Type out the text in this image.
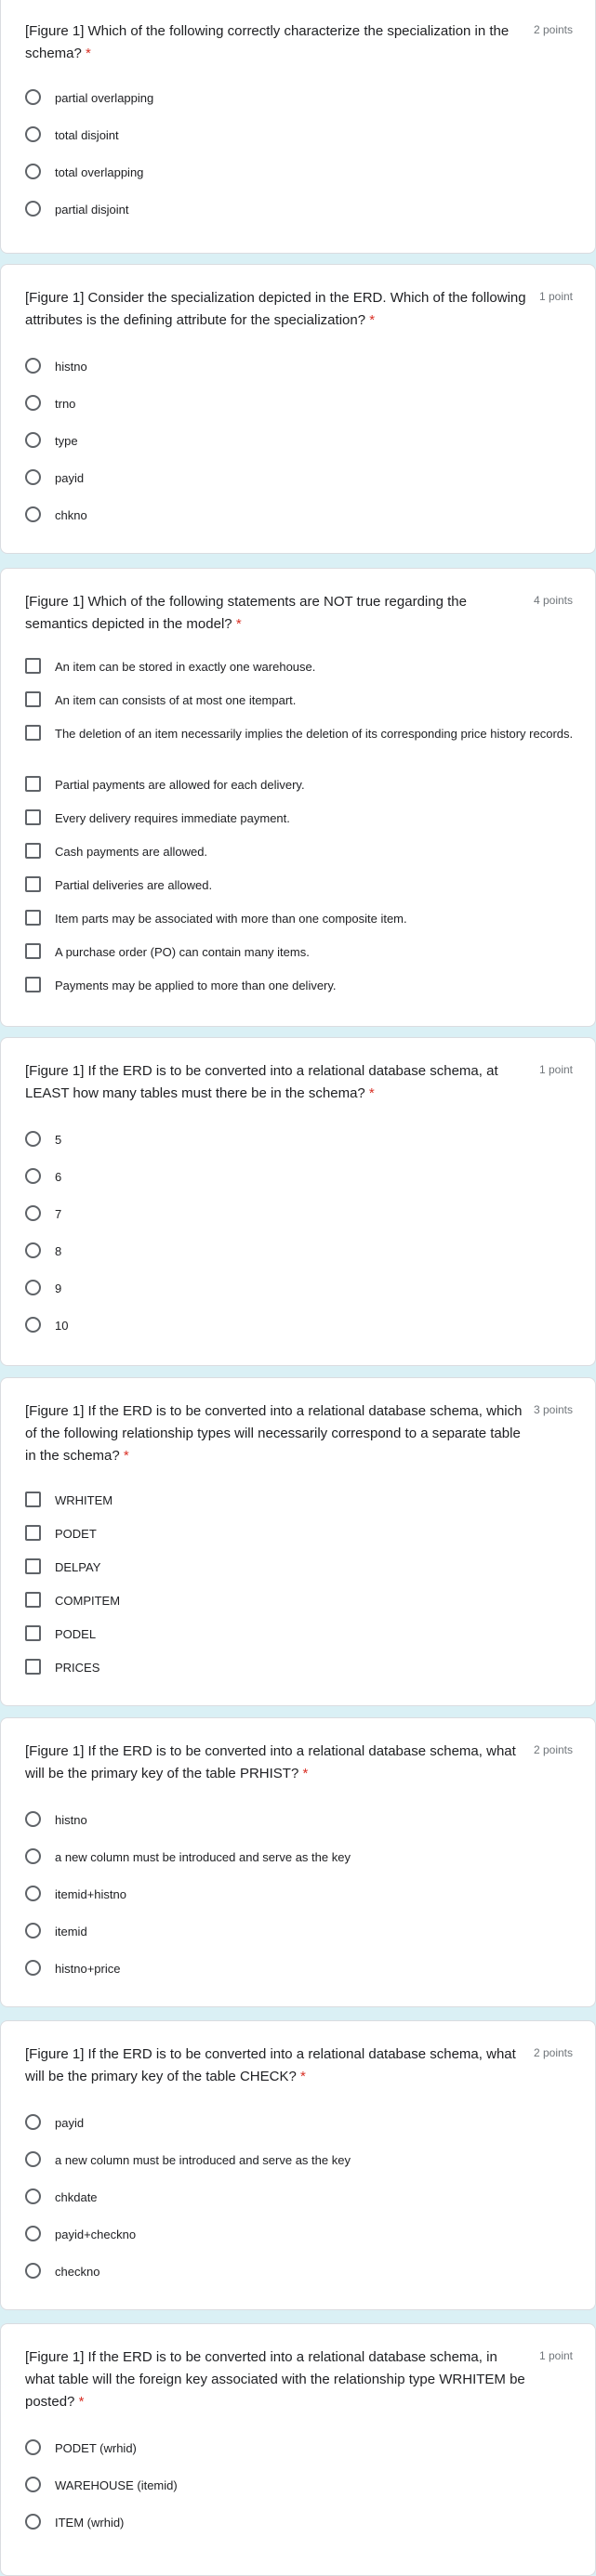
[Figure 1] Which of the following correctly characterize the specialization in the schema? *
2 points
partial overlapping
total disjoint
total overlapping
partial disjoint
[Figure 1] Consider the specialization depicted in the ERD. Which of the following attributes is the defining attribute for the specialization? *
1 point
histno
trno
type
payid
chkno
[Figure 1] Which of the following statements are NOT true regarding the semantics depicted in the model? *
4 points
An item can be stored in exactly one warehouse.
An item can consists of at most one itempart.
The deletion of an item necessarily implies the deletion of its corresponding price history records.
Partial payments are allowed for each delivery.
Every delivery requires immediate payment.
Cash payments are allowed.
Partial deliveries are allowed.
Item parts may be associated with more than one composite item.
A purchase order (PO) can contain many items.
Payments may be applied to more than one delivery.
[Figure 1] If the ERD is to be converted into a relational database schema, at LEAST how many tables must there be in the schema? *
1 point
5
6
7
8
9
10
[Figure 1] If the ERD is to be converted into a relational database schema, which of the following relationship types will necessarily correspond to a separate table in the schema? *
3 points
WRHITEM
PODET
DELPAY
COMPITEM
PODEL
PRICES
[Figure 1] If the ERD is to be converted into a relational database schema, what will be the primary key of the table PRHIST? *
2 points
histno
a new column must be introduced and serve as the key
itemid+histno
itemid
histno+price
[Figure 1] If the ERD is to be converted into a relational database schema, what will be the primary key of the table CHECK? *
2 points
payid
a new column must be introduced and serve as the key
chkdate
payid+checkno
checkno
[Figure 1] If the ERD is to be converted into a relational database schema, in what table will the foreign key associated with the relationship type WRHITEM be posted? *
1 point
PODET (wrhid)
WAREHOUSE (itemid)
ITEM (wrhid)
